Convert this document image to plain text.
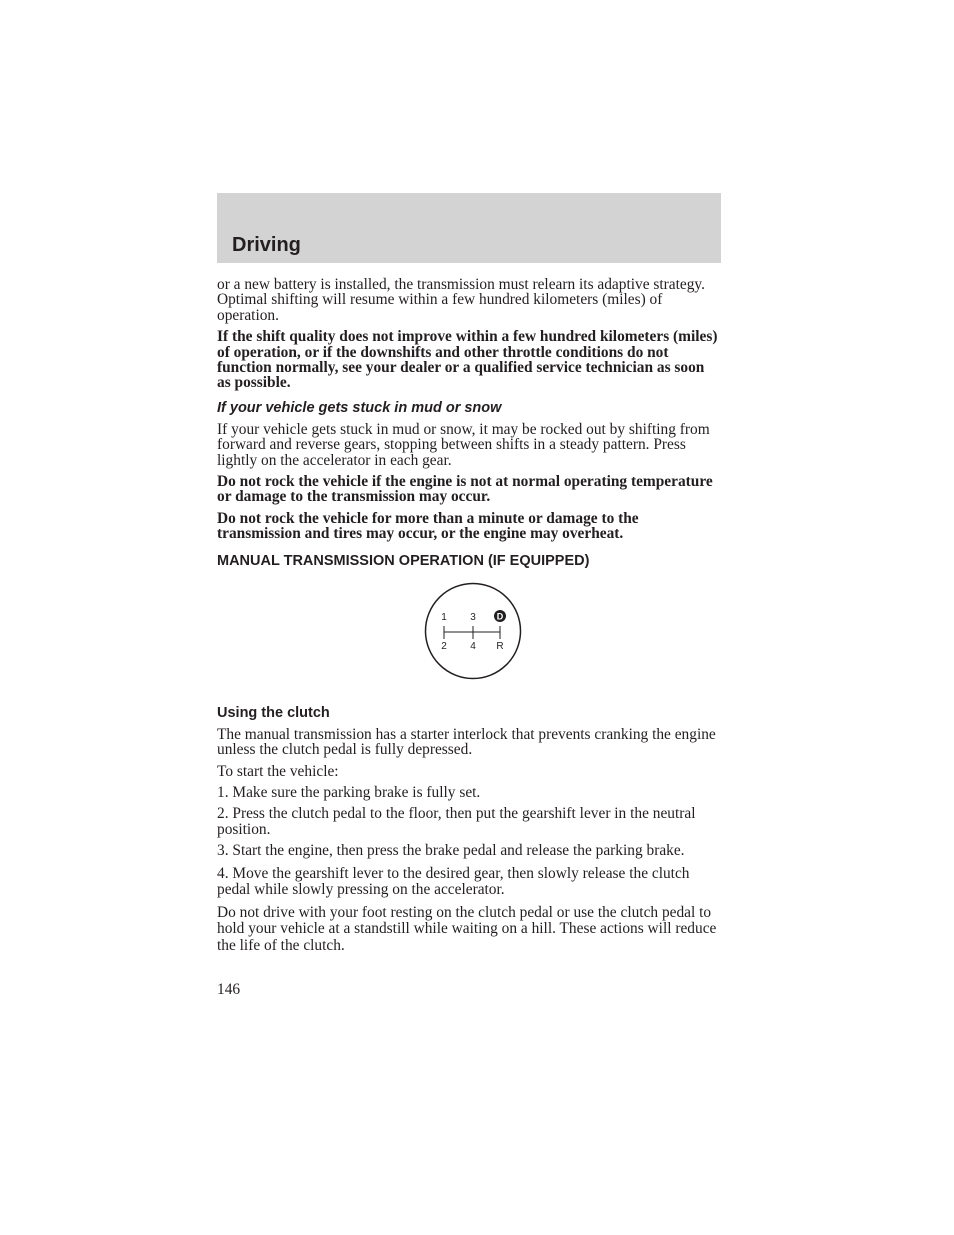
Driving

or a new battery is installed, the transmission must relearn its adaptive strategy. Optimal shifting will resume within a few hundred kilometers (miles) of operation.

If the shift quality does not improve within a few hundred kilometers (miles) of operation, or if the downshifts and other throttle conditions do not function normally, see your dealer or a qualified service technician as soon as possible.

If your vehicle gets stuck in mud or snow

If your vehicle gets stuck in mud or snow, it may be rocked out by shifting from forward and reverse gears, stopping between shifts in a steady pattern. Press lightly on the accelerator in each gear.

Do not rock the vehicle if the engine is not at normal operating temperature or damage to the transmission may occur.

Do not rock the vehicle for more than a minute or damage to the transmission and tires may occur, or the engine may overheat.

MANUAL TRANSMISSION OPERATION (IF EQUIPPED)

1 3 D
2 4 R

Using the clutch

The manual transmission has a starter interlock that prevents cranking the engine unless the clutch pedal is fully depressed.

To start the vehicle:

1. Make sure the parking brake is fully set.

2. Press the clutch pedal to the floor, then put the gearshift lever in the neutral position.

3. Start the engine, then press the brake pedal and release the parking brake.

4. Move the gearshift lever to the desired gear, then slowly release the clutch pedal while slowly pressing on the accelerator.

Do not drive with your foot resting on the clutch pedal or use the clutch pedal to hold your vehicle at a standstill while waiting on a hill. These actions will reduce the life of the clutch.

146
